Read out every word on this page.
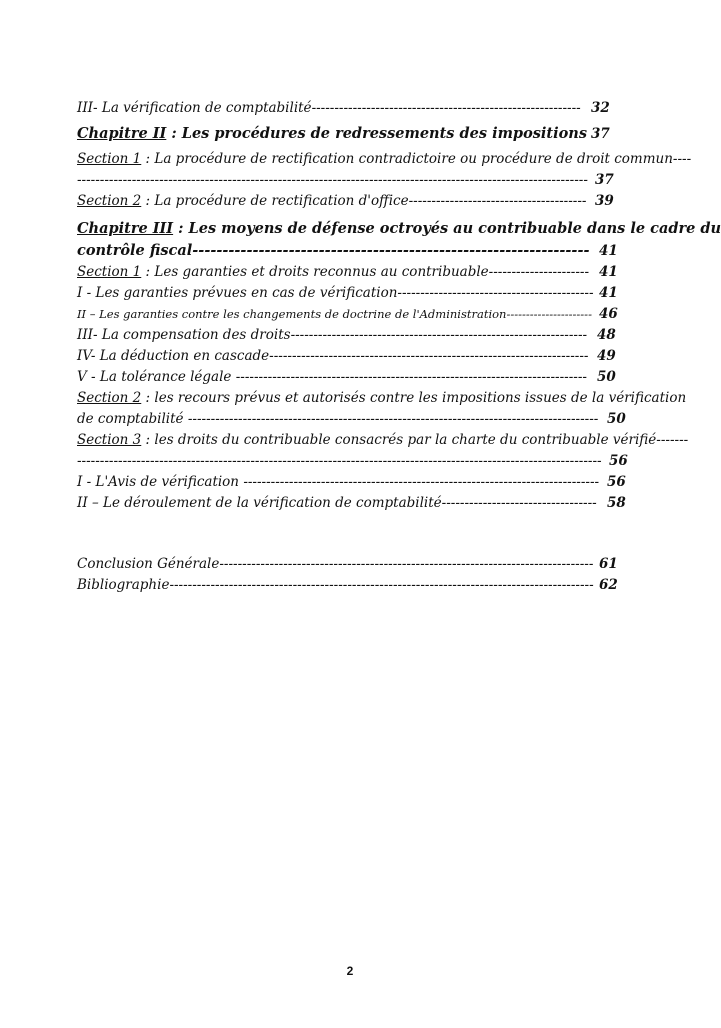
III- La vérification de comptabilité----------------------------------------------------------- 32
Chapitre II : Les procédures de redressements des impositions 37
Section 1 : La procédure de rectification contradictoire ou procédure de droit commun----
---------------------------------------------------------------------------------------------------------------- 37
Section 2 : La procédure de rectification d'office--------------------------------------- 39
Chapitre III : Les moyens de défense octroyés au contribuable dans le cadre du
contrôle fiscal------------------------------------------------------------------ 41
Section 1 : Les garanties et droits reconnus au contribuable---------------------- 41
I - Les garanties prévues en cas de vérification------------------------------------------- 41
II – Les garanties contre les changements de doctrine de l'Administration---------------------- 46
III- La compensation des droits----------------------------------------------------------------- 48
IV- La déduction en cascade---------------------------------------------------------------------- 49
V - La tolérance légale ----------------------------------------------------------------------------- 50
Section 2 : les recours prévus et autorisés contre les impositions issues de la vérification
de comptabilité ------------------------------------------------------------------------------------------ 50
Section 3 : les droits du contribuable consacrés par la charte du contribuable vérifié-------
------------------------------------------------------------------------------------------------------------------- 56
I - L'Avis de vérification ------------------------------------------------------------------------------ 56
II – Le déroulement de la vérification de comptabilité---------------------------------- 58
Conclusion Générale---------------------------------------------------------------------------------- 61
Bibliographie--------------------------------------------------------------------------------------------- 62
2
